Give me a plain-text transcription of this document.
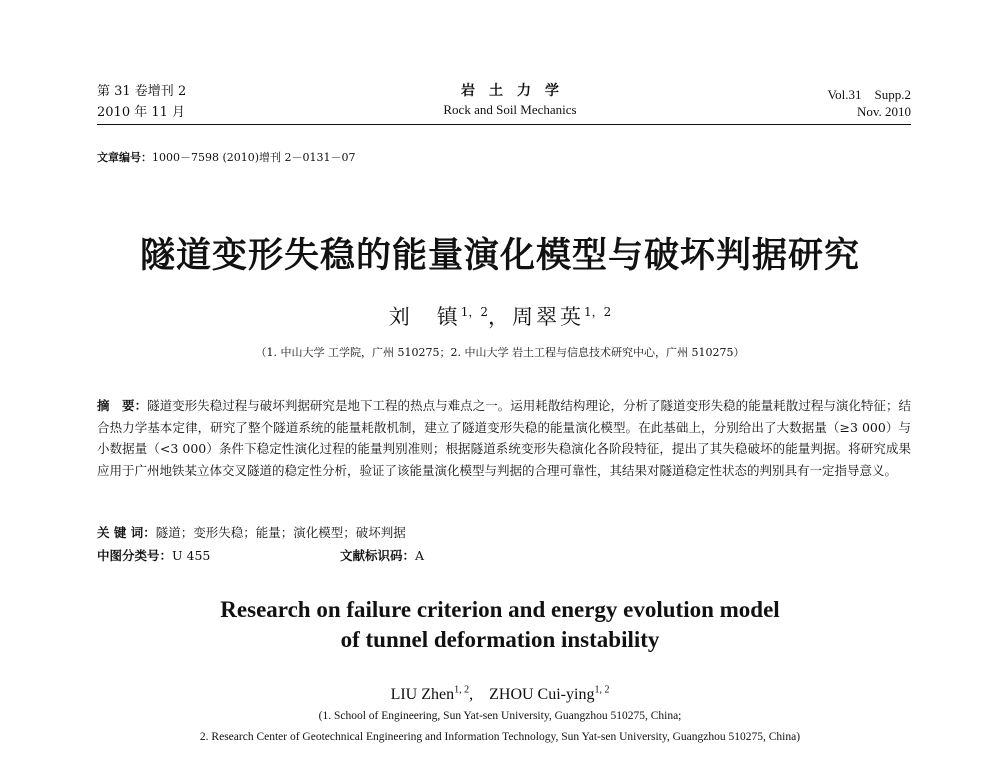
第 31 卷增刊 2
2010 年 11 月
岩　土　力　学
Rock and Soil Mechanics
Vol.31　Supp.2
Nov. 2010
文章编号：1000－7598 (2010)增刊 2－0131－07
隧道变形失稳的能量演化模型与破坏判据研究
刘　镇$^{1,2}$，周翠英$^{1,2}$
（1. 中山大学 工学院，广州 510275；2. 中山大学 岩土工程与信息技术研究中心，广州 510275）
摘　要：隧道变形失稳过程与破坏判据研究是地下工程的热点与难点之一。运用耗散结构理论，分析了隧道变形失稳的能量耗散过程与演化特征；结合热力学基本定律，研究了整个隧道系统的能量耗散机制，建立了隧道变形失稳的能量演化模型。在此基础上，分别给出了大数据量（≥3 000）与小数据量（<3 000）条件下稳定性演化过程的能量判别准则；根据隧道系统变形失稳演化各阶段特征，提出了其失稳破坏的能量判据。将研究成果应用于广州地铁某立体交叉隧道的稳定性分析，验证了该能量演化模型与判据的合理可靠性，其结果对隧道稳定性状态的判别具有一定指导意义。
关 键 词：隧道；变形失稳；能量；演化模型；破坏判据
中图分类号：U 455	文献标识码：A
Research on failure criterion and energy evolution model
of tunnel deformation instability
LIU Zhen$^{1, 2}$,　ZHOU Cui-ying$^{1, 2}$
(1. School of Engineering, Sun Yat-sen University, Guangzhou 510275, China;
2. Research Center of Geotechnical Engineering and Information Technology, Sun Yat-sen University, Guangzhou 510275, China)
